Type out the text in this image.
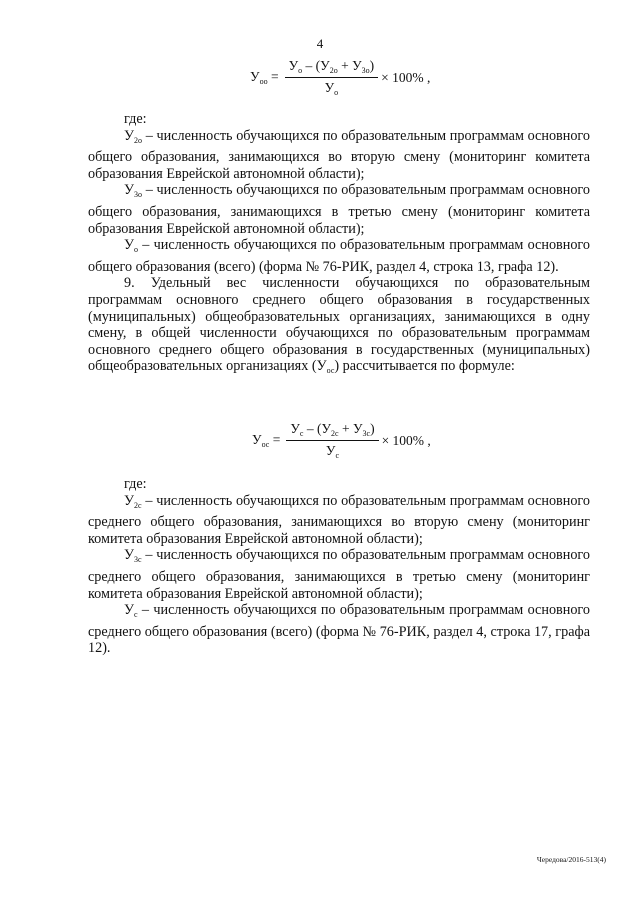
4
$У_{оо} = \frac{У_о - (У_{2о} + У_{3о})}{У_о} \times 100\%$ ,

где:

$У_{2о}$ – численность обучающихся по образовательным программам основного общего образования, занимающихся во вторую смену (мониторинг комитета образования Еврейской автономной области);

$У_{3о}$ – численность обучающихся по образовательным программам основного общего образования, занимающихся в третью смену (мониторинг комитета образования Еврейской автономной области);

$У_о$ – численность обучающихся по образовательным программам основного общего образования (всего) (форма № 76-РИК, раздел 4, строка 13, графа 12).

9. Удельный вес численности обучающихся по образовательным программам основного среднего общего образования в государственных (муниципальных) общеобразовательных организациях, занимающихся в одну смену, в общей численности обучающихся по образовательным программам основного среднего общего образования в государственных (муниципальных) общеобразовательных организациях $(У_{ос})$ рассчитывается по формуле:

$У_{ос} = \frac{У_с - (У_{2с} + У_{3с})}{У_с} \times 100\%$ ,

где:

$У_{2с}$ – численность обучающихся по образовательным программам основного среднего общего образования, занимающихся во вторую смену (мониторинг комитета образования Еврейской автономной области);

$У_{3с}$ – численность обучающихся по образовательным программам основного среднего общего образования, занимающихся в третью смену (мониторинг комитета образования Еврейской автономной области);

$У_с$ – численность обучающихся по образовательным программам основного среднего общего образования (всего) (форма № 76-РИК, раздел 4, строка 17, графа 12).

Чередова/2016-513(4)
